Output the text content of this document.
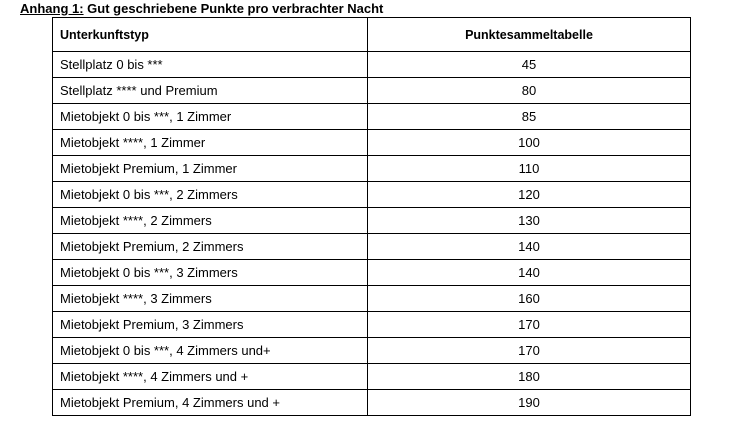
Anhang 1: Gut geschriebene Punkte pro verbrachter Nacht
Unterkunftstyp	Punktesammeltabelle
Stellplatz 0 bis ***	45
Stellplatz **** und Premium	80
Mietobjekt 0 bis ***, 1 Zimmer	85
Mietobjekt ****, 1 Zimmer	100
Mietobjekt Premium, 1 Zimmer	110
Mietobjekt 0 bis ***, 2 Zimmers	120
Mietobjekt ****, 2 Zimmers	130
Mietobjekt Premium, 2 Zimmers	140
Mietobjekt 0 bis ***, 3 Zimmers	140
Mietobjekt ****, 3 Zimmers	160
Mietobjekt Premium, 3 Zimmers	170
Mietobjekt 0 bis ***, 4 Zimmers und+	170
Mietobjekt ****, 4 Zimmers und +	180
Mietobjekt Premium, 4 Zimmers und +	190
